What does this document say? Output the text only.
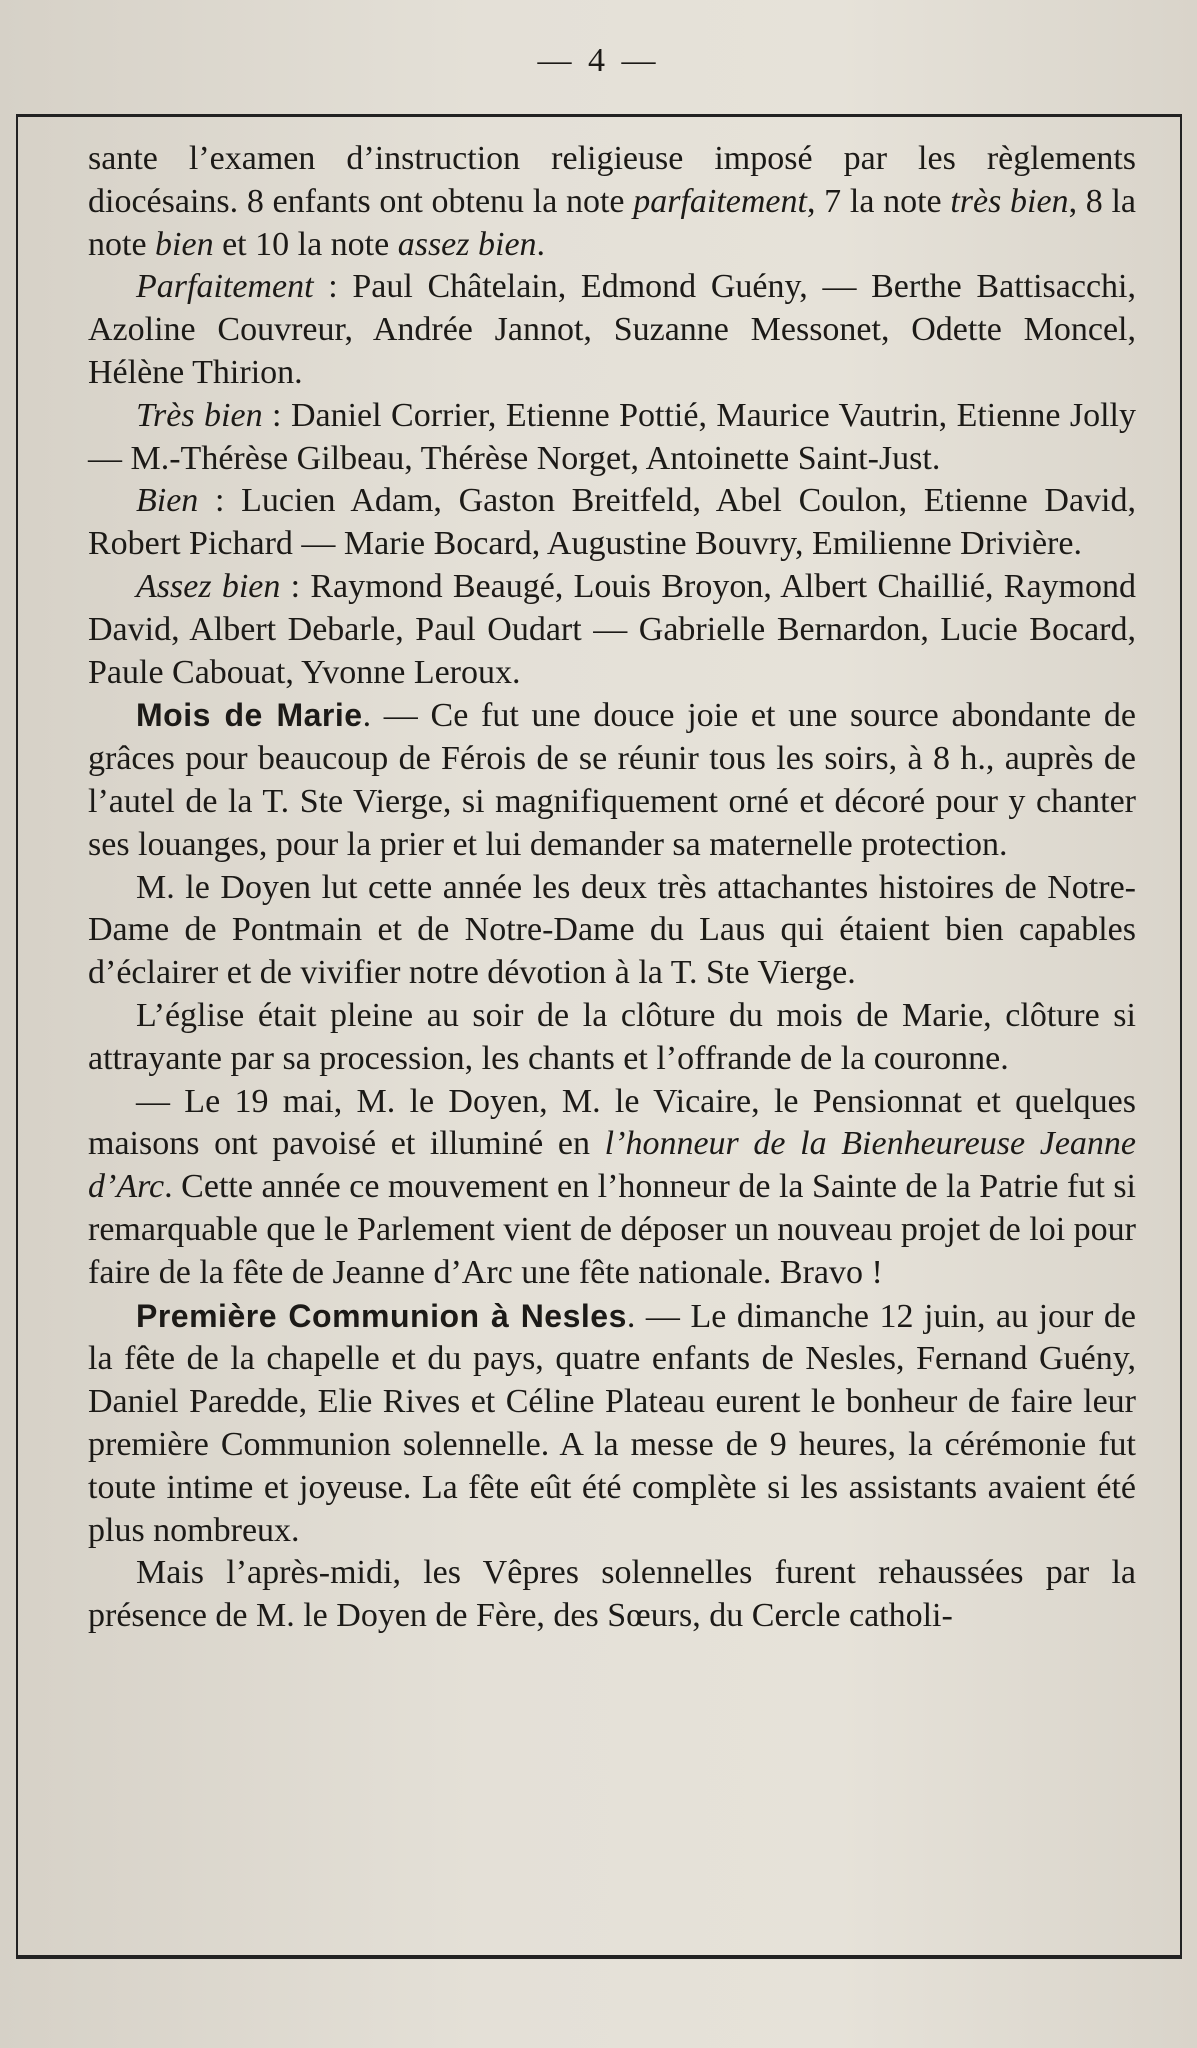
— 4 —

sante l’examen d’instruction religieuse imposé par les règlements diocésains. 8 enfants ont obtenu la note parfaitement, 7 la note très bien, 8 la note bien et 10 la note assez bien.

Parfaitement : Paul Châtelain, Edmond Guény, — Berthe Battisacchi, Azoline Couvreur, Andrée Jannot, Suzanne Messonet, Odette Moncel, Hélène Thirion.

Très bien : Daniel Corrier, Etienne Pottié, Maurice Vautrin, Etienne Jolly — M.-Thérèse Gilbeau, Thérèse Norget, Antoinette Saint-Just.

Bien : Lucien Adam, Gaston Breitfeld, Abel Coulon, Etienne David, Robert Pichard — Marie Bocard, Augustine Bouvry, Emilienne Drivière.

Assez bien : Raymond Beaugé, Louis Broyon, Albert Chaillié, Raymond David, Albert Debarle, Paul Oudart — Gabrielle Bernardon, Lucie Bocard, Paule Cabouat, Yvonne Leroux.

Mois de Marie. — Ce fut une douce joie et une source abondante de grâces pour beaucoup de Férois de se réunir tous les soirs, à 8 h., auprès de l’autel de la T. Ste Vierge, si magnifiquement orné et décoré pour y chanter ses louanges, pour la prier et lui demander sa maternelle protection.

M. le Doyen lut cette année les deux très attachantes histoires de Notre-Dame de Pontmain et de Notre-Dame du Laus qui étaient bien capables d’éclairer et de vivifier notre dévotion à la T. Ste Vierge.

L’église était pleine au soir de la clôture du mois de Marie, clôture si attrayante par sa procession, les chants et l’offrande de la couronne.

— Le 19 mai, M. le Doyen, M. le Vicaire, le Pensionnat et quelques maisons ont pavoisé et illuminé en l’honneur de la Bienheureuse Jeanne d’Arc. Cette année ce mouvement en l’honneur de la Sainte de la Patrie fut si remarquable que le Parlement vient de déposer un nouveau projet de loi pour faire de la fête de Jeanne d’Arc une fête nationale. Bravo !

Première Communion à Nesles. — Le dimanche 12 juin, au jour de la fête de la chapelle et du pays, quatre enfants de Nesles, Fernand Guény, Daniel Paredde, Elie Rives et Céline Plateau eurent le bonheur de faire leur première Communion solennelle. A la messe de 9 heures, la cérémonie fut toute intime et joyeuse. La fête eût été complète si les assistants avaient été plus nombreux.

Mais l’après-midi, les Vêpres solennelles furent rehaussées par la présence de M. le Doyen de Fère, des Sœurs, du Cercle catholi-
